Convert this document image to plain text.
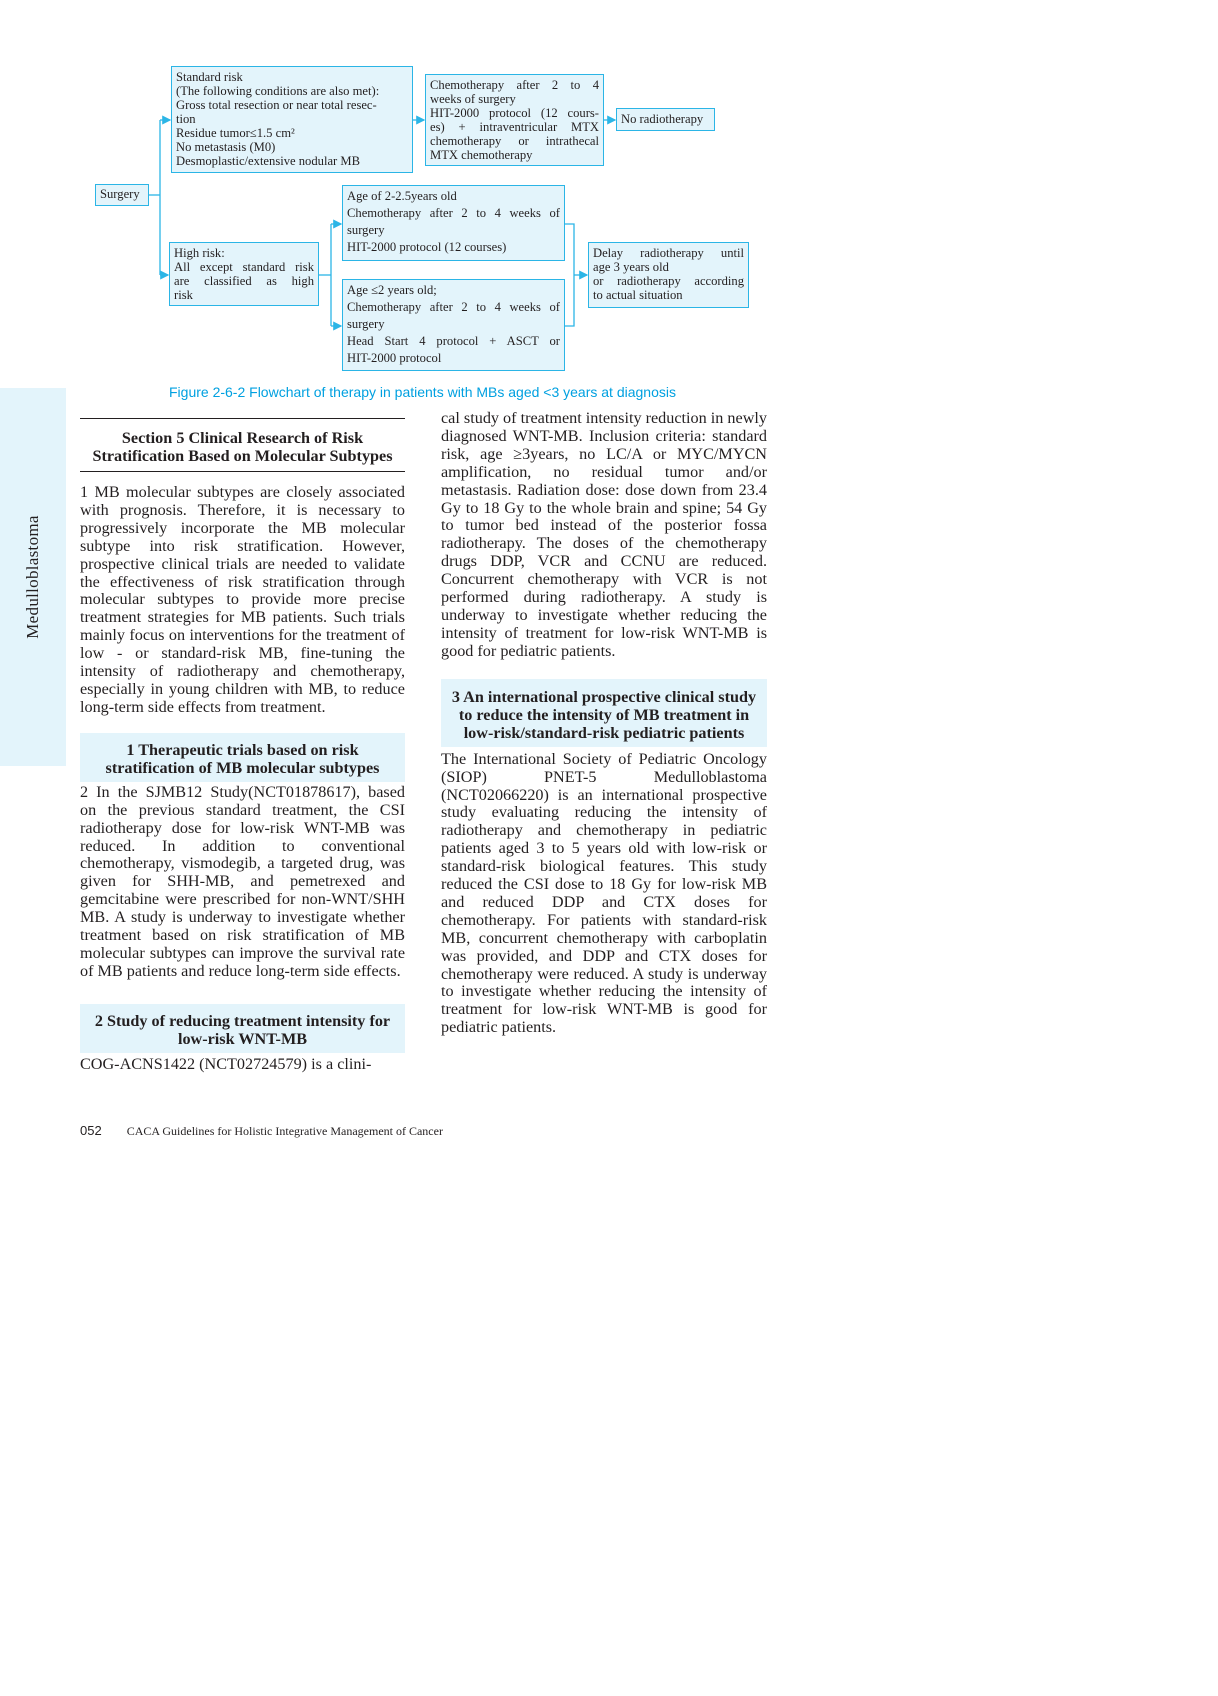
Medulloblastoma
Surgery
Standard risk
(The following conditions are also met):
Gross total resection or near total resec-
tion
Residue tumor≤1.5 cm²
No metastasis (M0)
Desmoplastic/extensive nodular MB
Chemotherapy after 2 to 4
weeks of surgery
HIT-2000 protocol (12 cours-
es) + intraventricular MTX
chemotherapy or intrathecal
MTX chemotherapy
No radiotherapy
High risk:
All except standard risk
are classified as high
risk
Age of 2-2.5years old
Chemotherapy after 2 to 4 weeks of
surgery
HIT-2000 protocol (12 courses)
Age ≤2 years old;
Chemotherapy after 2 to 4 weeks of
surgery
Head Start 4 protocol + ASCT or
HIT-2000 protocol
Delay radiotherapy until
age 3 years old
or radiotherapy according
to actual situation
Figure 2-6-2 Flowchart of therapy in patients with MBs aged <3 years at diagnosis
Section 5 Clinical Research of Risk Stratification Based on Molecular Subtypes

1 MB molecular subtypes are closely associated with prognosis. Therefore, it is necessary to progressively incorporate the MB molecular subtype into risk stratification. However, prospective clinical trials are needed to validate the effectiveness of risk stratification through molecular subtypes to provide more precise treatment strategies for MB patients. Such trials mainly focus on interventions for the treatment of low - or standard-risk MB, fine-tuning the intensity of radiotherapy and chemotherapy, especially in young children with MB, to reduce long-term side effects from treatment.

1 Therapeutic trials based on risk stratification of MB molecular subtypes

2 In the SJMB12 Study(NCT01878617), based on the previous standard treatment, the CSI radiotherapy dose for low-risk WNT-MB was reduced. In addition to conventional chemotherapy, vismodegib, a targeted drug, was given for SHH-MB, and pemetrexed and gemcitabine were prescribed for non-WNT/SHH MB. A study is underway to investigate whether treatment based on risk stratification of MB molecular subtypes can improve the survival rate of MB patients and reduce long-term side effects.

2 Study of reducing treatment intensity for low-risk WNT-MB

COG-ACNS1422 (NCT02724579) is a clini-

cal study of treatment intensity reduction in newly diagnosed WNT-MB. Inclusion criteria: standard risk, age ≥3years, no LC/A or MYC/MYCN amplification, no residual tumor and/or metastasis. Radiation dose: dose down from 23.4 Gy to 18 Gy to the whole brain and spine; 54 Gy to tumor bed instead of the posterior fossa radiotherapy. The doses of the chemotherapy drugs DDP, VCR and CCNU are reduced. Concurrent chemotherapy with VCR is not performed during radiotherapy. A study is underway to investigate whether reducing the intensity of treatment for low-risk WNT-MB is good for pediatric patients.

3 An international prospective clinical study to reduce the intensity of MB treatment in low-risk/standard-risk pediatric patients

The International Society of Pediatric Oncology (SIOP) PNET-5 Medulloblastoma (NCT02066220) is an international prospective study evaluating reducing the intensity of radiotherapy and chemotherapy in pediatric patients aged 3 to 5 years old with low-risk or standard-risk biological features. This study reduced the CSI dose to 18 Gy for low-risk MB and reduced DDP and CTX doses for chemotherapy. For patients with standard-risk MB, concurrent chemotherapy with carboplatin was provided, and DDP and CTX doses for chemotherapy were reduced. A study is underway to investigate whether reducing the intensity of treatment for low-risk WNT-MB is good for pediatric patients.

052 CACA Guidelines for Holistic Integrative Management of Cancer
